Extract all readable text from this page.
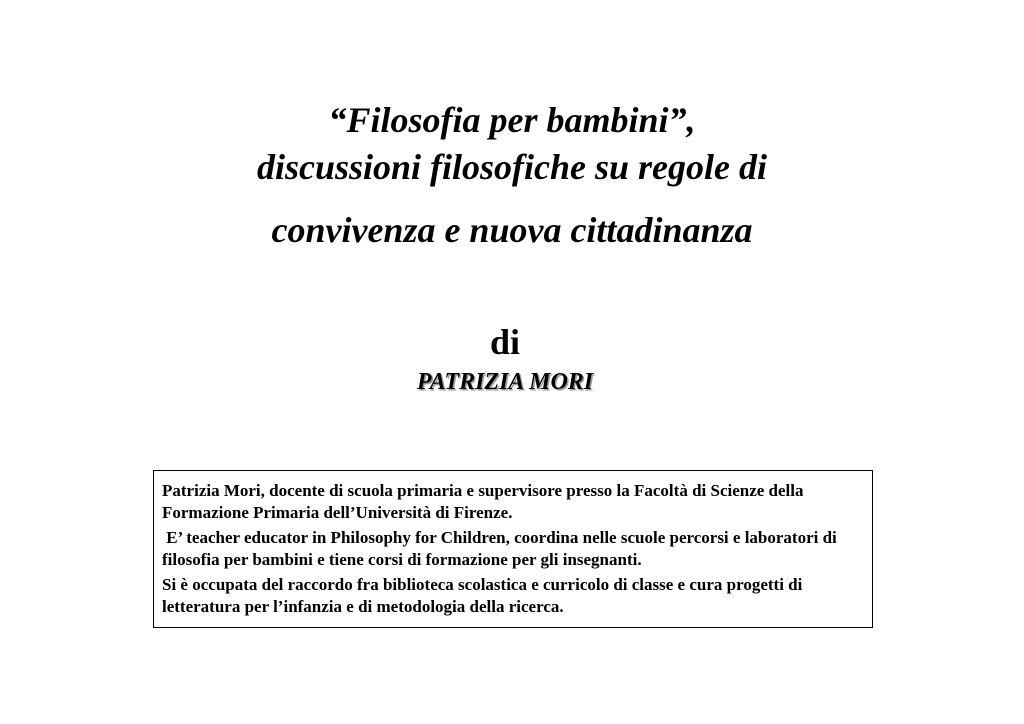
“Filosofia per bambini”,
discussioni filosofiche su regole di
convivenza e nuova cittadinanza
di
PATRIZIA MORI

Patrizia Mori, docente di scuola primaria e supervisore presso la Facoltà di Scienze della Formazione Primaria dell’Università di Firenze.

E’ teacher educator in Philosophy for Children, coordina nelle scuole percorsi e laboratori di filosofia per bambini e tiene corsi di formazione per gli insegnanti.

Si è occupata del raccordo fra biblioteca scolastica e curricolo di classe e cura progetti di letteratura per l’infanzia e di metodologia della ricerca.
